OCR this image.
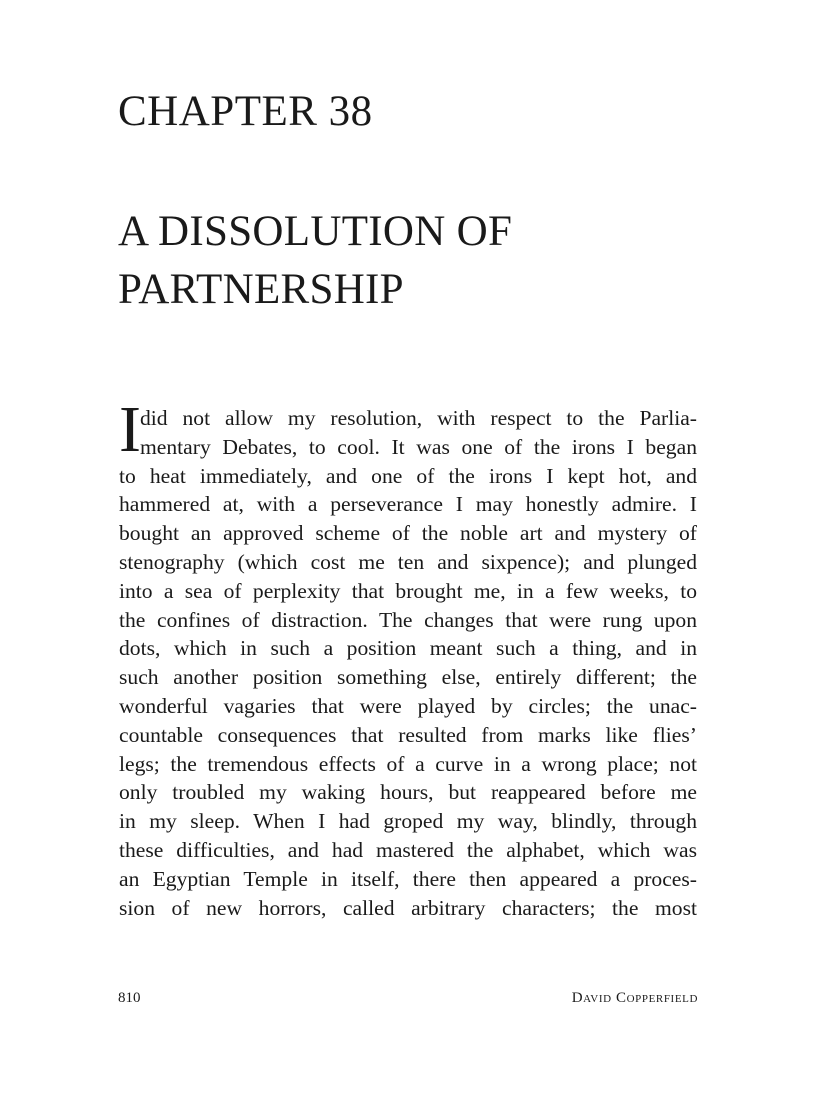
CHAPTER 38
A DISSOLUTION OF PARTNERSHIP
I did not allow my resolution, with respect to the Parlia-
mentary Debates, to cool. It was one of the irons I began
to heat immediately, and one of the irons I kept hot, and
hammered at, with a perseverance I may honestly admire. I
bought an approved scheme of the noble art and mystery of
stenography (which cost me ten and sixpence); and plunged
into a sea of perplexity that brought me, in a few weeks, to
the confines of distraction. The changes that were rung upon
dots, which in such a position meant such a thing, and in
such another position something else, entirely different; the
wonderful vagaries that were played by circles; the unac-
countable consequences that resulted from marks like flies’
legs; the tremendous effects of a curve in a wrong place; not
only troubled my waking hours, but reappeared before me
in my sleep. When I had groped my way, blindly, through
these difficulties, and had mastered the alphabet, which was
an Egyptian Temple in itself, there then appeared a proces-
sion of new horrors, called arbitrary characters; the most
810	David Copperfield
